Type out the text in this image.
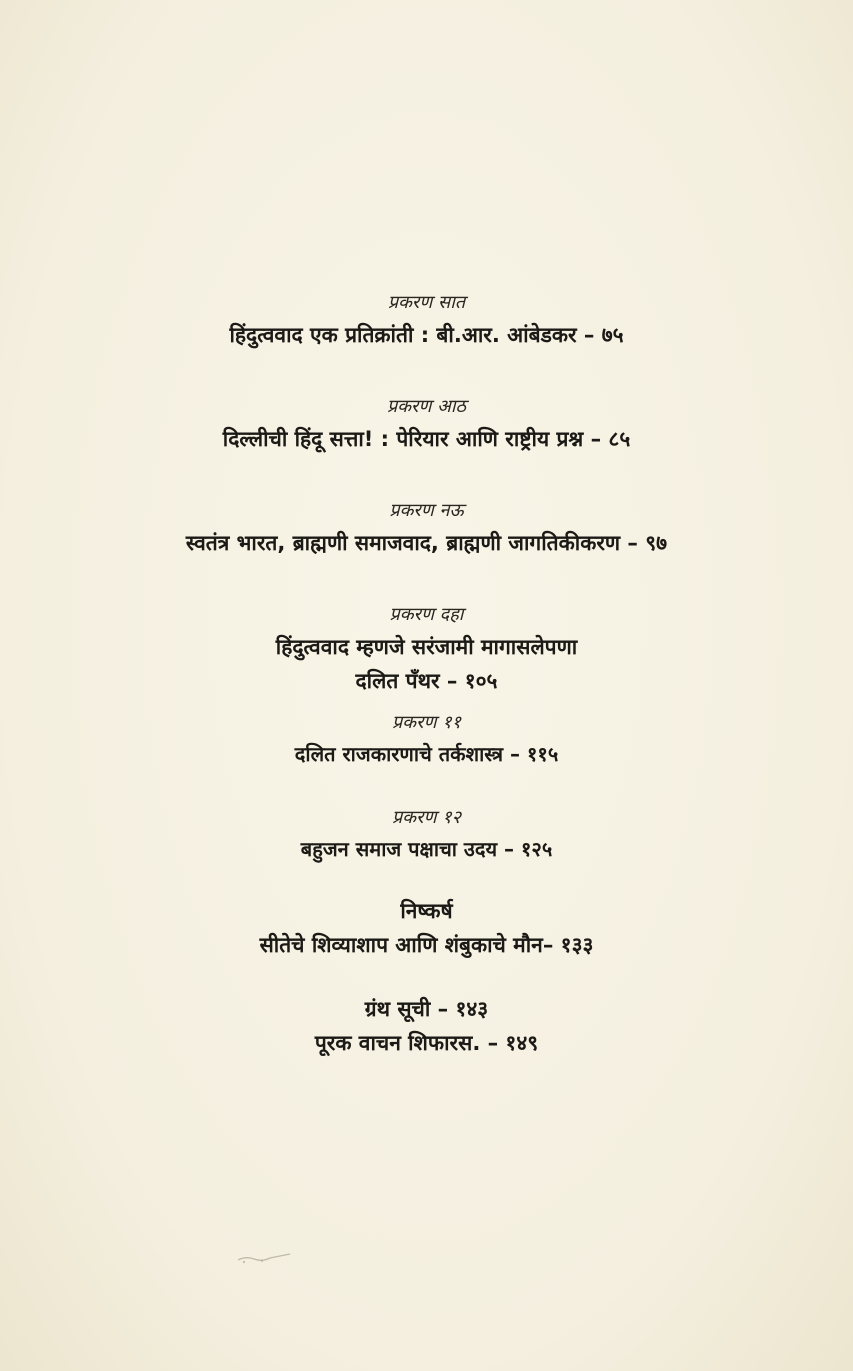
प्रकरण सात

हिंदुत्ववाद एक प्रतिक्रांती : बी.आर. आंबेडकर – ७५

प्रकरण आठ

दिल्लीची हिंदू सत्ता! : पेरियार आणि राष्ट्रीय प्रश्न – ८५

प्रकरण नऊ

स्वतंत्र भारत, ब्राह्मणी समाजवाद, ब्राह्मणी जागतिकीकरण – ९७

प्रकरण दहा

हिंदुत्ववाद म्हणजे सरंजामी मागासलेपणा

दलित पँथर – १०५

प्रकरण ११

दलित राजकारणाचे तर्कशास्त्र – ११५

प्रकरण १२

बहुजन समाज पक्षाचा उदय – १२५

निष्कर्ष

सीतेचे शिव्याशाप आणि शंबुकाचे मौन– १३३

ग्रंथ सूची – १४३

पूरक वाचन शिफारस. – १४९
